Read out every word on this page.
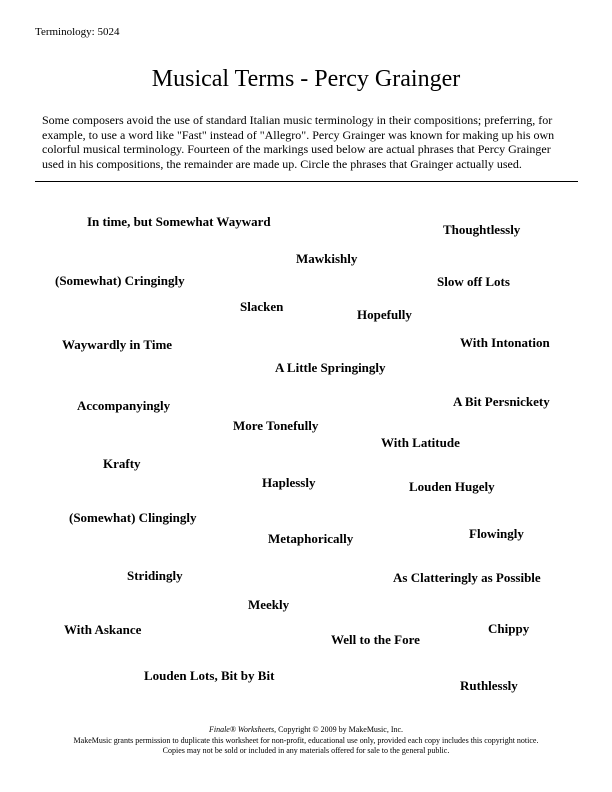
Terminology: 5024
Musical Terms - Percy Grainger

Some composers avoid the use of standard Italian music terminology in their compositions; preferring, for example, to use a word like "Fast" instead of "Allegro". Percy Grainger was known for making up his own colorful musical terminology. Fourteen of the markings used below are actual phrases that Percy Grainger used in his compositions, the remainder are made up. Circle the phrases that Grainger actually used.

In time, but Somewhat Wayward
Thoughtlessly
Mawkishly
(Somewhat) Cringingly	Slow off Lots
Slacken
Hopefully
Waywardly in Time	With Intonation
A Little Springingly
Accompanyingly	A Bit Persnickety
More Tonefully
With Latitude
Krafty
Haplessly	Louden Hugely
(Somewhat) Clingingly
Flowingly
Metaphorically
Stridingly	As Clatteringly as Possible
Meekly
With Askance	Chippy
Well to the Fore
Louden Lots, Bit by Bit
Ruthlessly
Finale® Worksheets, Copyright © 2009 by MakeMusic, Inc.
MakeMusic grants permission to duplicate this worksheet for non-profit, educational use only, provided each copy includes this copyright notice.
Copies may not be sold or included in any materials offered for sale to the general public.
